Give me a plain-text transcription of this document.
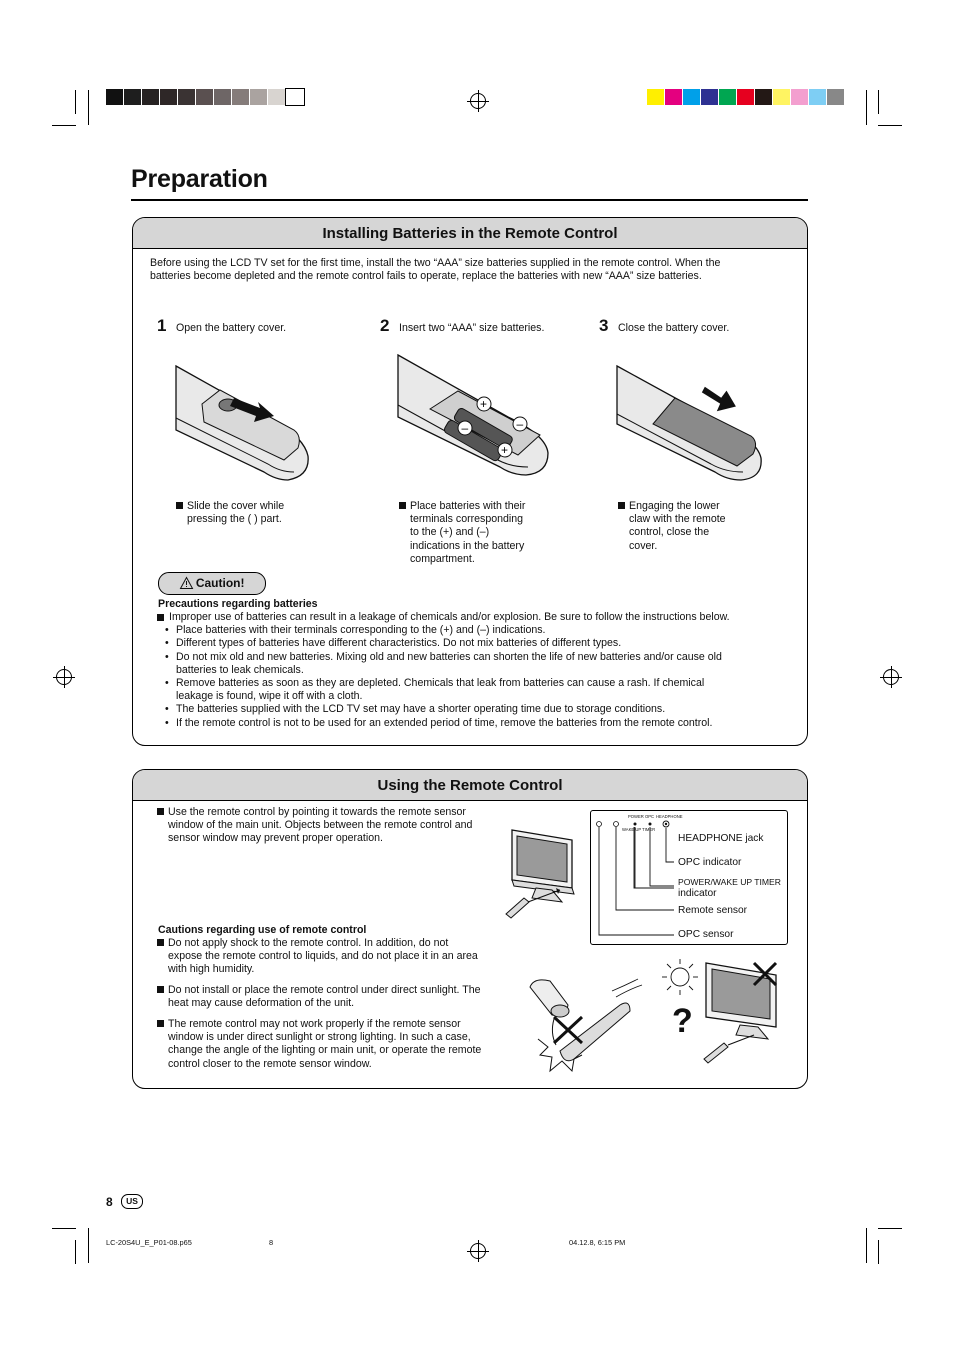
Preparation
Installing Batteries in the Remote Control
Before using the LCD TV set for the first time, install the two “AAA” size batteries supplied in the remote control. When the
batteries become depleted and the remote control fails to operate, replace the batteries with new “AAA” size batteries.
1 Open the battery cover.	2 Insert two “AAA” size batteries.	3 Close the battery cover.
+
–
–
+
Slide the cover while
pressing the ( ) part.
Place batteries with their
terminals corresponding
to the (+) and (–)
indications in the battery
compartment.
Engaging the lower
claw with the remote
control, close the
cover.
Caution!
Precautions regarding batteries
Improper use of batteries can result in a leakage of chemicals and/or explosion. Be sure to follow the instructions below.
• Place batteries with their terminals corresponding to the (+) and (–) indications.
• Different types of batteries have different characteristics. Do not mix batteries of different types.
• Do not mix old and new batteries. Mixing old and new batteries can shorten the life of new batteries and/or cause old
batteries to leak chemicals.
• Remove batteries as soon as they are depleted. Chemicals that leak from batteries can cause a rash. If chemical
leakage is found, wipe it off with a cloth.
• The batteries supplied with the LCD TV set may have a shorter operating time due to storage conditions.
• If the remote control is not to be used for an extended period of time, remove the batteries from the remote control.
Using the Remote Control
Use the remote control by pointing it towards the remote sensor
window of the main unit. Objects between the remote control and
sensor window may prevent proper operation.
POWER OPC HEADPHONE
WAKE UP TIMER
HEADPHONE jack
OPC indicator
POWER/WAKE UP TIMER
indicator
Remote sensor
OPC sensor
Cautions regarding use of remote control
Do not apply shock to the remote control. In addition, do not
expose the remote control to liquids, and do not place it in an area
with high humidity.
Do not install or place the remote control under direct sunlight. The
heat may cause deformation of the unit.
The remote control may not work properly if the remote sensor
window is under direct sunlight or strong lighting. In such a case,
change the angle of the lighting or main unit, or operate the remote
control closer to the remote sensor window.
?
8	US
LC-20S4U_E_P01-08.p65	8	04.12.8, 6:15 PM
